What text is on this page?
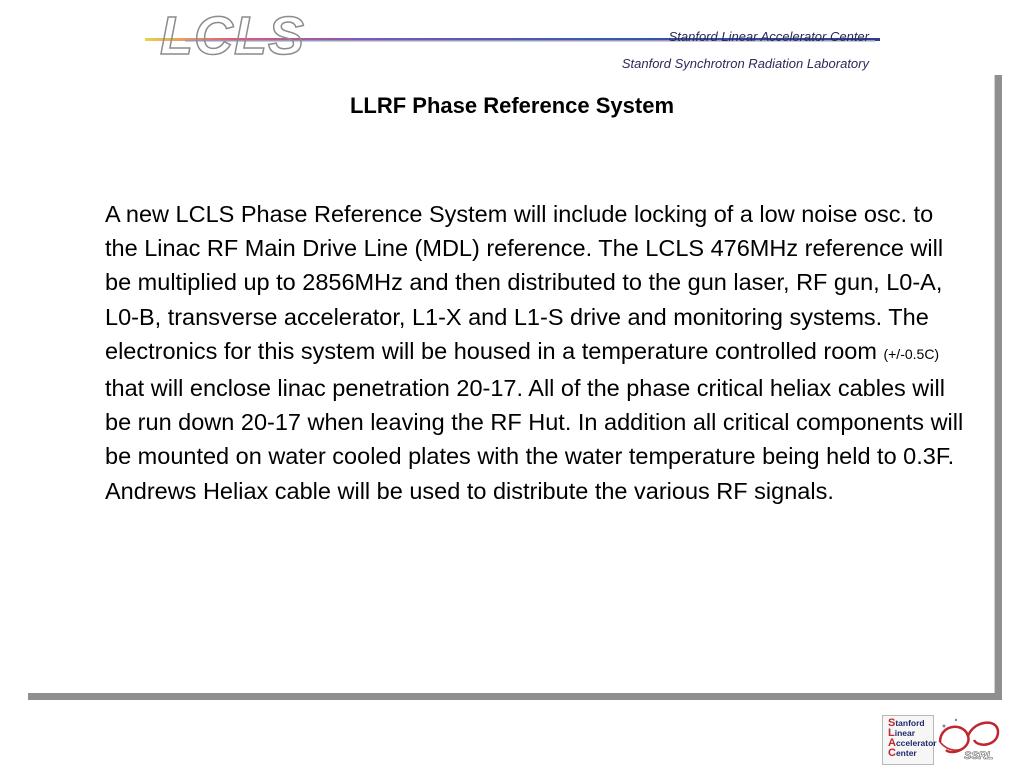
LCLS	Stanford Linear Accelerator Center
Stanford Synchrotron Radiation Laboratory
LLRF Phase Reference System

A new LCLS Phase Reference System will include locking of a low noise osc. to the Linac RF Main Drive Line (MDL) reference. The LCLS 476MHz reference will be multiplied up to 2856MHz and then distributed to the gun laser, RF gun, L0-A, L0-B, transverse accelerator, L1-X and L1-S drive and monitoring systems. The electronics for this system will be housed in a temperature controlled room (+/-0.5C) that will enclose linac penetration 20-17. All of the phase critical heliax cables will be run down 20-17 when leaving the RF Hut. In addition all critical components will be mounted on water cooled plates with the water temperature being held to 0.3F. Andrews Heliax cable will be used to distribute the various RF signals.

Stanford
Linear
Accelerator
Center	SSRL
